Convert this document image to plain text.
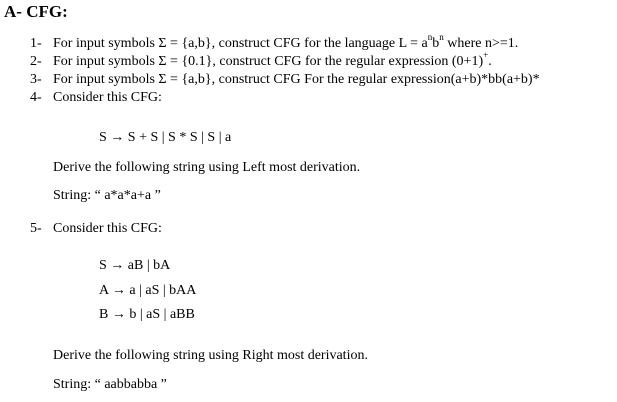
A- CFG:
1- For input symbols Σ = {a,b}, construct CFG for the language $L = a^nb^n$ where n>=1.
2- For input symbols Σ = {0.1}, construct CFG for the regular expression (0+1)+.
3- For input symbols Σ = {a,b}, construct CFG For the regular expression(a+b)*bb(a+b)*
4- Consider this CFG:
S → S + S | S * S | S | a
Derive the following string using Left most derivation.
String: “ a*a*a+a ”
5- Consider this CFG:
S → aB | bA
A → a | aS | bAA
B → b | aS | aBB
Derive the following string using Right most derivation.
String: “ aabbabba ”
